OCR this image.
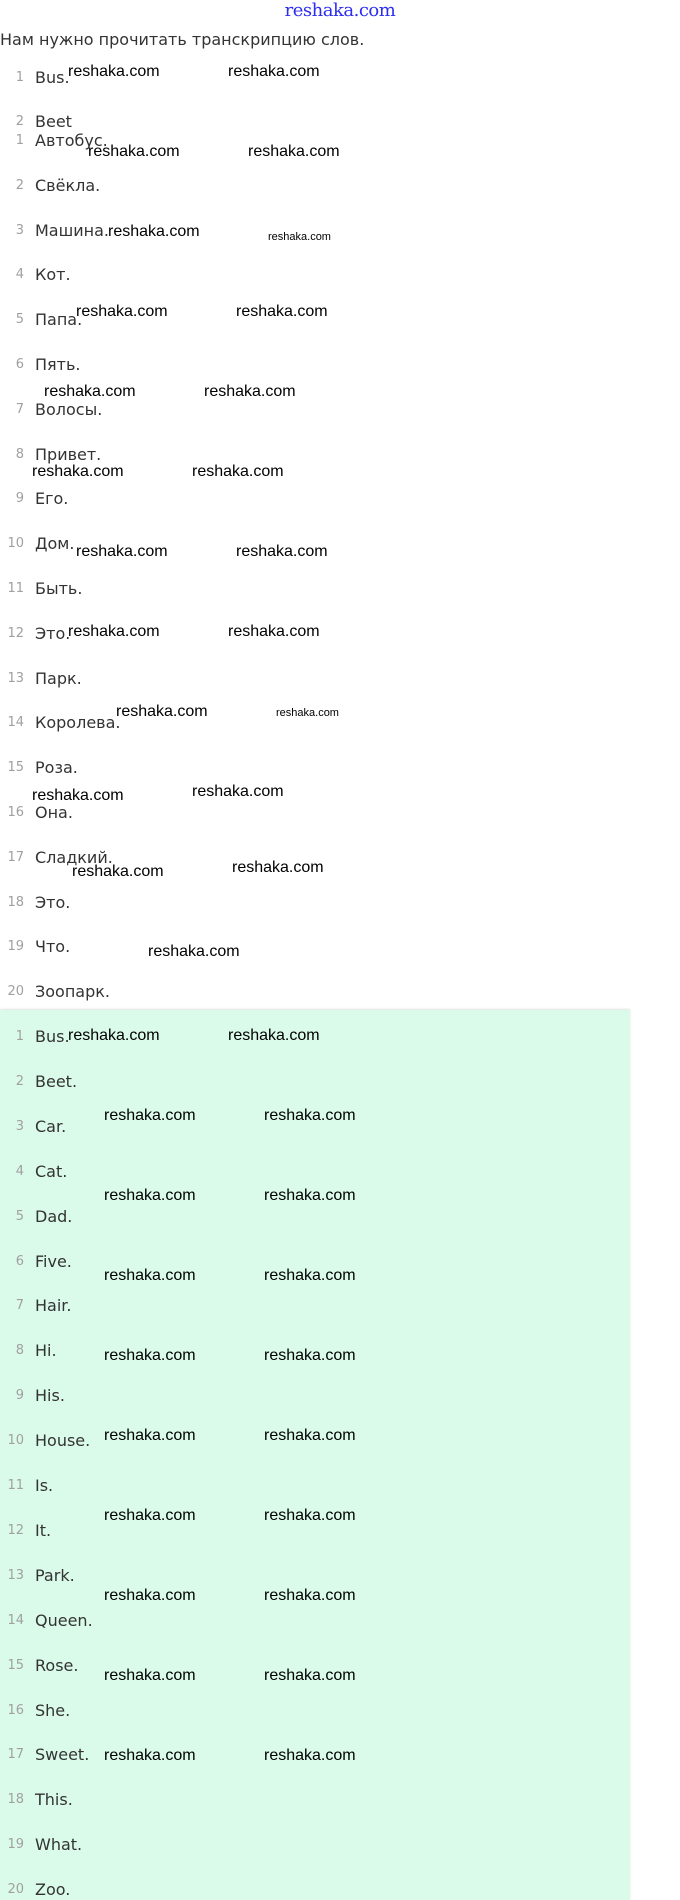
reshaka.com
Нам нужно прочитать транскрипцию слов.
1 Bus.
2 Beet
1 Автобус.
2 Свёкла.
3 Машина.
4 Кот.
5 Папа.
6 Пять.
7 Волосы.
8 Привет.
9 Его.
10 Дом.
11 Быть.
12 Это.
13 Парк.
14 Королева.
15 Роза.
16 Она.
17 Сладкий.
18 Это.
19 Что.
20 Зоопарк.
1 Bus.
2 Beet.
3 Car.
4 Cat.
5 Dad.
6 Five.
7 Hair.
8 Hi.
9 His.
10 House.
11 Is.
12 It.
13 Park.
14 Queen.
15 Rose.
16 She.
17 Sweet.
18 This.
19 What.
20 Zoo.
reshaka.com	reshaka.com
reshaka.com	reshaka.com
reshaka.com	reshaka.com
reshaka.com	reshaka.com
reshaka.com	reshaka.com
reshaka.com	reshaka.com
reshaka.com	reshaka.com
reshaka.com	reshaka.com
reshaka.com	reshaka.com
reshaka.com	reshaka.com
reshaka.com	reshaka.com
reshaka.com
reshaka.com	reshaka.com
reshaka.com	reshaka.com
reshaka.com	reshaka.com
reshaka.com	reshaka.com
reshaka.com	reshaka.com
reshaka.com	reshaka.com
reshaka.com	reshaka.com
reshaka.com	reshaka.com
reshaka.com	reshaka.com
reshaka.com	reshaka.com
